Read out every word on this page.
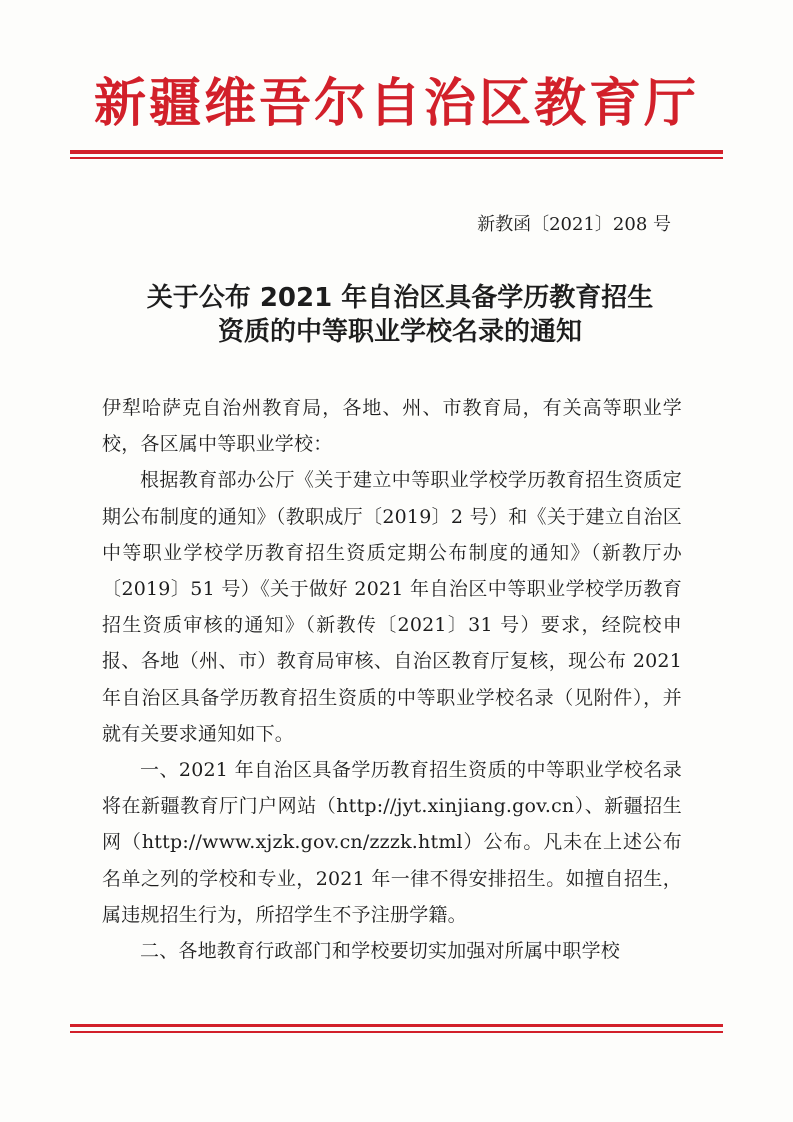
新疆维吾尔自治区教育厅
新教函〔2021〕208 号
关于公布 2021 年自治区具备学历教育招生
资质的中等职业学校名录的通知

伊犁哈萨克自治州教育局，各地、州、市教育局，有关高等职业学校，各区属中等职业学校：

根据教育部办公厅《关于建立中等职业学校学历教育招生资质定期公布制度的通知》（教职成厅〔2019〕2 号）和《关于建立自治区中等职业学校学历教育招生资质定期公布制度的通知》（新教厅办〔2019〕51 号）《关于做好 2021 年自治区中等职业学校学历教育招生资质审核的通知》（新教传〔2021〕31 号）要求，经院校申报、各地（州、市）教育局审核、自治区教育厅复核，现公布 2021 年自治区具备学历教育招生资质的中等职业学校名录（见附件），并就有关要求通知如下。

一、2021 年自治区具备学历教育招生资质的中等职业学校名录将在新疆教育厅门户网站（http://jyt.xinjiang.gov.cn）、新疆招生网（http://www.xjzk.gov.cn/zzzk.html）公布。凡未在上述公布名单之列的学校和专业，2021 年一律不得安排招生。如擅自招生，属违规招生行为，所招学生不予注册学籍。

二、各地教育行政部门和学校要切实加强对所属中职学校
